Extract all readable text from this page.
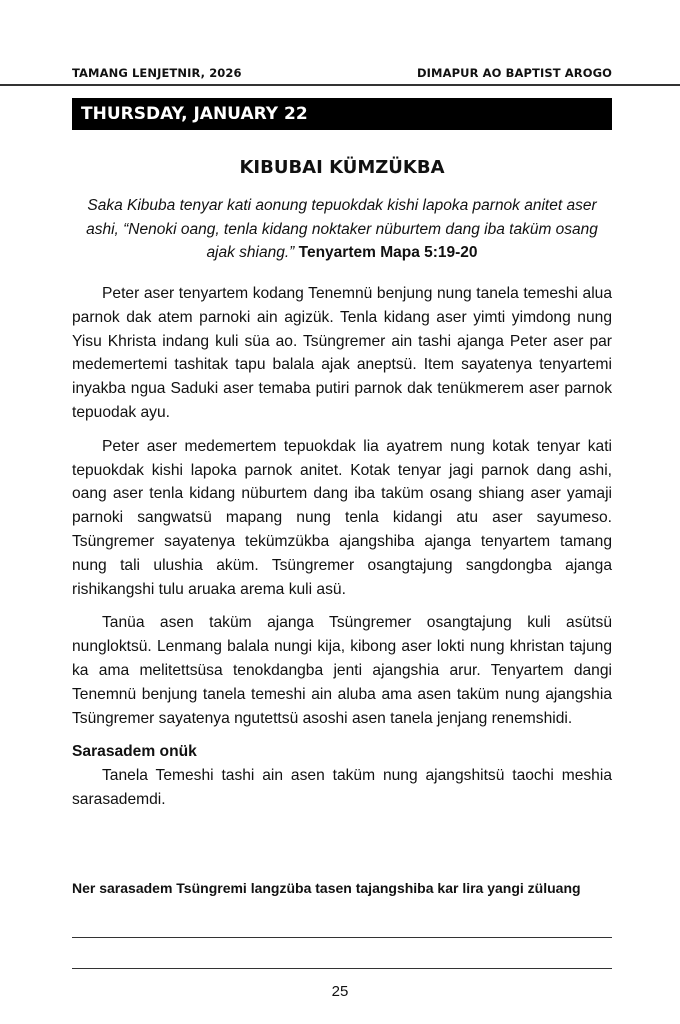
TAMANG LENJETNIR, 2026	DIMAPUR AO BAPTIST AROGO
THURSDAY, JANUARY 22
KIBUBAI KÜMZÜKBA
Saka Kibuba tenyar kati aonung tepuokdak kishi lapoka parnok anitet aser ashi, “Nenoki oang, tenla kidang noktaker nüburtem dang iba taküm osang ajak shiang.” Tenyartem Mapa 5:19-20

Peter aser tenyartem kodang Tenemnü benjung nung tanela temeshi alua parnok dak atem parnoki ain agizük. Tenla kidang aser yimti yimdong nung Yisu Khrista indang kuli süa ao. Tsüngremer ain tashi ajanga Peter aser par medemertemi tashitak tapu balala ajak aneptsü. Item sayatenya tenyartemi inyakba ngua Saduki aser temaba putiri parnok dak tenükmerem aser parnok tepuodak ayu.

Peter aser medemertem tepuokdak lia ayatrem nung kotak tenyar kati tepuokdak kishi lapoka parnok anitet. Kotak tenyar jagi parnok dang ashi, oang aser tenla kidang nüburtem dang iba taküm osang shiang aser yamaji parnoki sangwatsü mapang nung tenla kidangi atu aser sayumeso. Tsüngremer sayatenya tekümzükba ajangshiba ajanga tenyartem tamang nung tali ulushia aküm. Tsüngremer osangtajung sangdongba ajanga rishikangshi tulu aruaka arema kuli asü.

Tanüa asen taküm ajanga Tsüngremer osangtajung kuli asütsü nungloktsü. Lenmang balala nungi kija, kibong aser lokti nung khristan tajung ka ama melitettsüsa tenokdangba jenti ajangshia arur. Tenyartem dangi Tenemnü benjung tanela temeshi ain aluba ama asen taküm nung ajangshia Tsüngremer sayatenya ngutettsü asoshi asen tanela jenjang renemshidi.

Sarasadem onük

Tanela Temeshi tashi ain asen taküm nung ajangshitsü taochi meshia sarasademdi.

Ner sarasadem Tsüngremi langzüba tasen tajangshiba kar lira yangi züluang
25
